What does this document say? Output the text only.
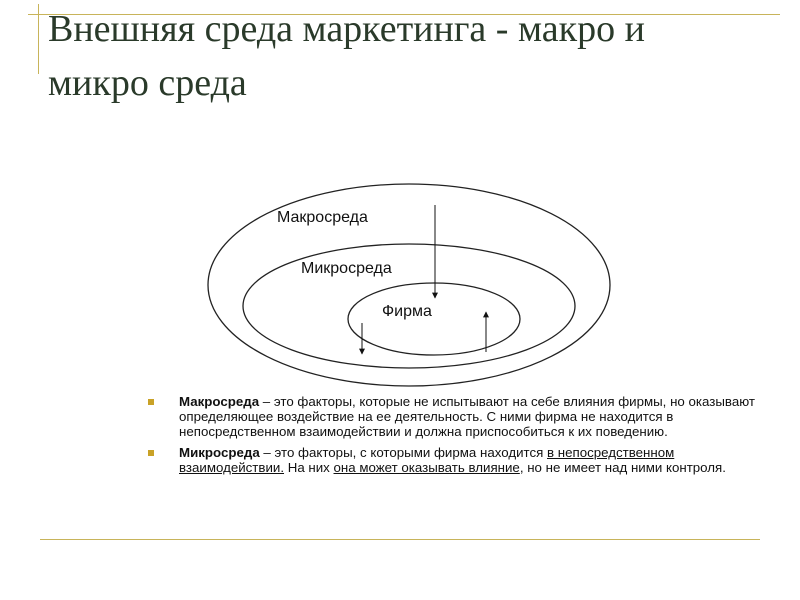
Внешняя среда маркетинга - макро и микро среда
Макросреда
Микросреда
Фирма
Макросреда – это факторы, которые не испытывают на себе влияния фирмы, но оказывают определяющее воздействие на ее деятельность. С ними фирма не находится в непосредственном взаимодействии и должна приспособиться к их поведению.
Микросреда – это факторы, с которыми фирма находится в непосредственном взаимодействии. На них она может оказывать влияние, но не имеет над ними контроля.
